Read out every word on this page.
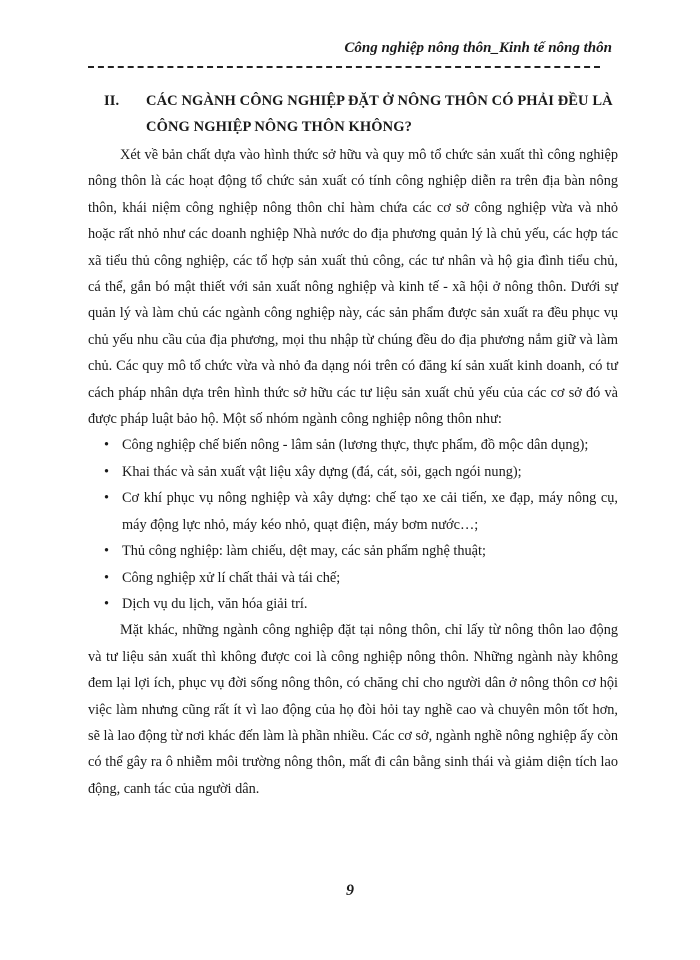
Công nghiệp nông thôn_Kinh tế nông thôn
II. CÁC NGÀNH CÔNG NGHIỆP ĐẶT Ở NÔNG THÔN CÓ PHẢI ĐỀU LÀ CÔNG NGHIỆP NÔNG THÔN KHÔNG?

Xét về bản chất dựa vào hình thức sở hữu và quy mô tổ chức sản xuất thì công nghiệp nông thôn là các hoạt động tổ chức sản xuất có tính công nghiệp diễn ra trên địa bàn nông thôn, khái niệm công nghiệp nông thôn chỉ hàm chứa các cơ sở công nghiệp vừa và nhỏ hoặc rất nhỏ như các doanh nghiệp Nhà nước do địa phương quản lý là chủ yếu, các hợp tác xã tiểu thủ công nghiệp, các tổ hợp sản xuất thủ công, các tư nhân và hộ gia đình tiểu chủ, cá thể, gắn bó mật thiết với sản xuất nông nghiệp và kinh tế - xã hội ở nông thôn. Dưới sự quản lý và làm chủ các ngành công nghiệp này, các sản phẩm được sản xuất ra đều phục vụ chủ yếu nhu cầu của địa phương, mọi thu nhập từ chúng đều do địa phương nắm giữ và làm chủ. Các quy mô tổ chức vừa và nhỏ đa dạng nói trên có đăng kí sản xuất kinh doanh, có tư cách pháp nhân dựa trên hình thức sở hữu các tư liệu sản xuất chủ yếu của các cơ sở đó và được pháp luật bảo hộ. Một số nhóm ngành công nghiệp nông thôn như:

• Công nghiệp chế biến nông - lâm sản (lương thực, thực phẩm, đồ mộc dân dụng);
• Khai thác và sản xuất vật liệu xây dựng (đá, cát, sỏi, gạch ngói nung);
• Cơ khí phục vụ nông nghiệp và xây dựng: chế tạo xe cải tiến, xe đạp, máy nông cụ, máy động lực nhỏ, máy kéo nhỏ, quạt điện, máy bơm nước…;
• Thủ công nghiệp: làm chiếu, dệt may, các sản phẩm nghệ thuật;
• Công nghiệp xử lí chất thải và tái chế;
• Dịch vụ du lịch, văn hóa giải trí.

Mặt khác, những ngành công nghiệp đặt tại nông thôn, chỉ lấy từ nông thôn lao động và tư liệu sản xuất thì không được coi là công nghiệp nông thôn. Những ngành này không đem lại lợi ích, phục vụ đời sống nông thôn, có chăng chỉ cho người dân ở nông thôn cơ hội việc làm nhưng cũng rất ít vì lao động của họ đòi hỏi tay nghề cao và chuyên môn tốt hơn, sẽ là lao động từ nơi khác đến làm là phần nhiều. Các cơ sở, ngành nghề nông nghiệp ấy còn có thể gây ra ô nhiễm môi trường nông thôn, mất đi cân bằng sinh thái và giảm diện tích lao động, canh tác của người dân.

9
